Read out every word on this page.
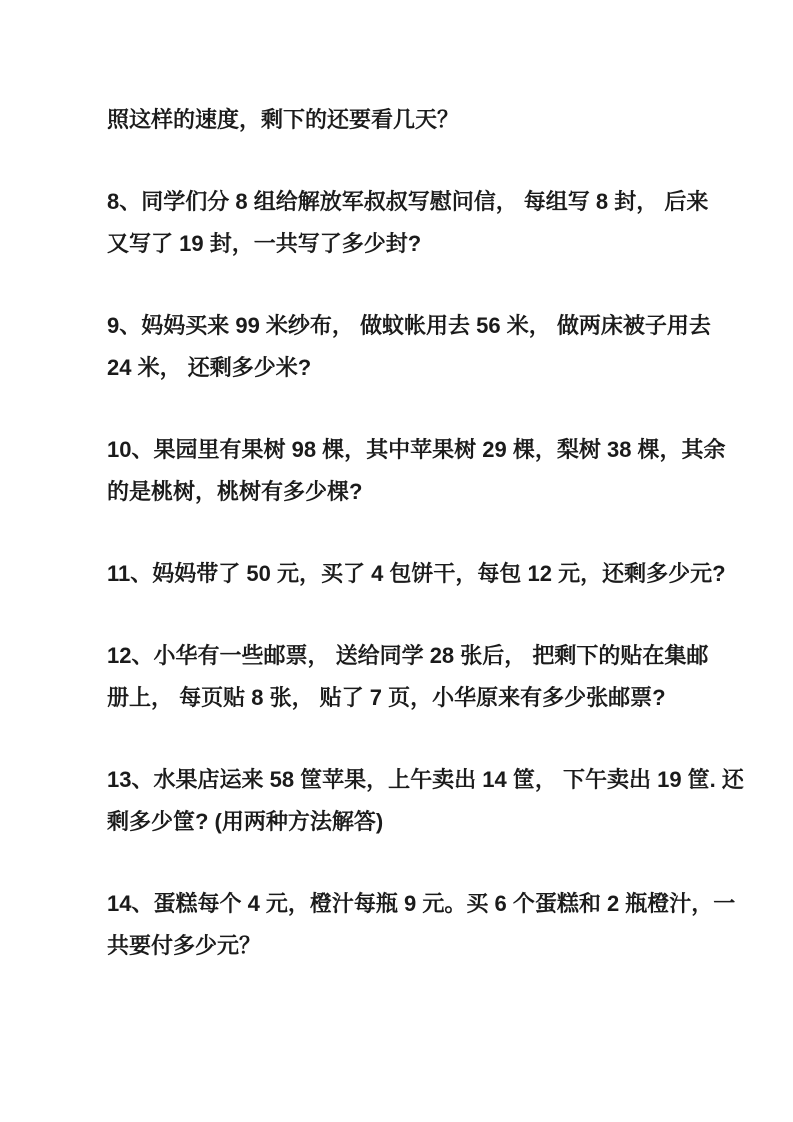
照这样的速度，剩下的还要看几天？
8、同学们分 8 组给解放军叔叔写慰问信， 每组写 8 封， 后来
又写了 19 封，一共写了多少封?
9、妈妈买来 99 米纱布， 做蚊帐用去 56 米， 做两床被子用去
24 米， 还剩多少米?
10、果园里有果树 98 棵，其中苹果树 29 棵，梨树 38 棵，其余
的是桃树，桃树有多少棵?
11、妈妈带了 50 元，买了 4 包饼干，每包 12 元，还剩多少元?
12、小华有一些邮票， 送给同学 28 张后， 把剩下的贴在集邮
册上， 每页贴 8 张， 贴了 7 页，小华原来有多少张邮票?
13、水果店运来 58 筐苹果，上午卖出 14 筐， 下午卖出 19 筐. 还
剩多少筐? (用两种方法解答)
14、蛋糕每个 4 元，橙汁每瓶 9 元。买 6 个蛋糕和 2 瓶橙汁，一
共要付多少元？
